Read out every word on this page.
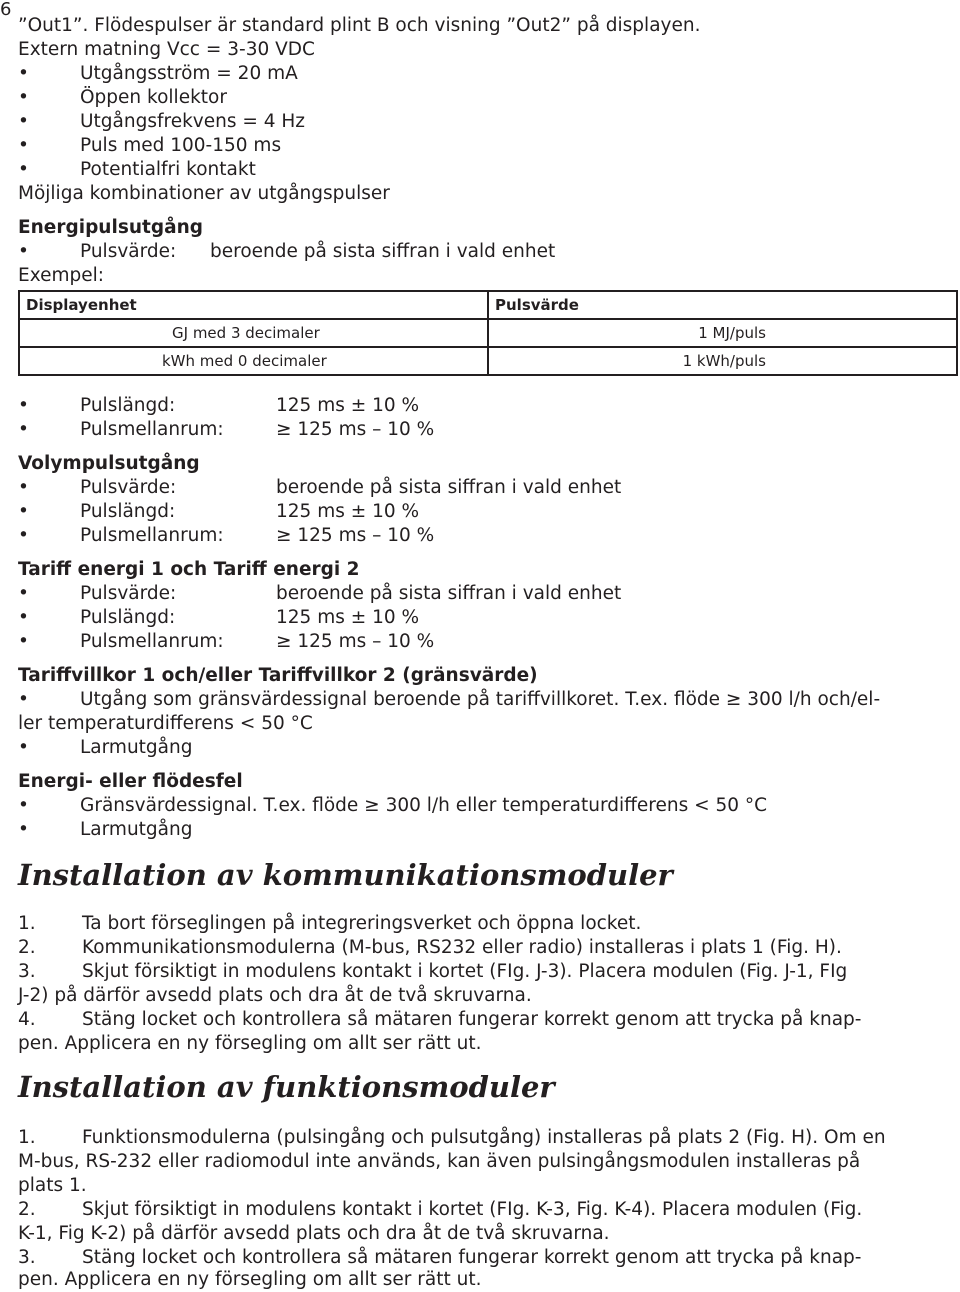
6
”Out1”. Flödespulser är standard plint B och visning ”Out2” på displayen.
Extern matning Vcc = 3-30 VDC
•	Utgångsström = 20 mA
•	Öppen kollektor
•	Utgångsfrekvens = 4 Hz
•	Puls med 100-150 ms
•	Potentialfri kontakt
Möjliga kombinationer av utgångspulser
Energipulsutgång
•	Pulsvärde: beroende på sista siffran i vald enhet
Exempel:
Displayenhet	Pulsvärde
GJ med 3 decimaler	1 MJ/puls
kWh med 0 decimaler	1 kWh/puls
•	Pulslängd:	125 ms ± 10 %
•	Pulsmellanrum:	≥ 125 ms – 10 %
Volympulsutgång
•	Pulsvärde:	beroende på sista siffran i vald enhet
•	Pulslängd:	125 ms ± 10 %
•	Pulsmellanrum:	≥ 125 ms – 10 %
Tariff energi 1 och Tariff energi 2
•	Pulsvärde:	beroende på sista siffran i vald enhet
•	Pulslängd:	125 ms ± 10 %
•	Pulsmellanrum:	≥ 125 ms – 10 %
Tariffvillkor 1 och/eller Tariffvillkor 2 (gränsvärde)
•	Utgång som gränsvärdessignal beroende på tariffvillkoret. T.ex. flöde ≥ 300 l/h och/el-
ler temperaturdifferens < 50 °C
•	Larmutgång
Energi- eller flödesfel
•	Gränsvärdessignal. T.ex. flöde ≥ 300 l/h eller temperaturdifferens < 50 °C
•	Larmutgång
Installation av kommunikationsmoduler
1.	Ta bort förseglingen på integreringsverket och öppna locket.
2.	Kommunikationsmodulerna (M-bus, RS232 eller radio) installeras i plats 1 (Fig. H).
3.	Skjut försiktigt in modulens kontakt i kortet (FIg. J-3). Placera modulen (Fig. J-1, FIg
J-2) på därför avsedd plats och dra åt de två skruvarna.
4.	Stäng locket och kontrollera så mätaren fungerar korrekt genom att trycka på knap-
pen. Applicera en ny försegling om allt ser rätt ut.
Installation av funktionsmoduler
1.	Funktionsmodulerna (pulsingång och pulsutgång) installeras på plats 2 (Fig. H). Om en
M-bus, RS-232 eller radiomodul inte används, kan även pulsingångsmodulen installeras på
plats 1.
2.	Skjut försiktigt in modulens kontakt i kortet (FIg. K-3, Fig. K-4). Placera modulen (Fig.
K-1, Fig K-2) på därför avsedd plats och dra åt de två skruvarna.
3.	Stäng locket och kontrollera så mätaren fungerar korrekt genom att trycka på knap-
pen. Applicera en ny försegling om allt ser rätt ut.
